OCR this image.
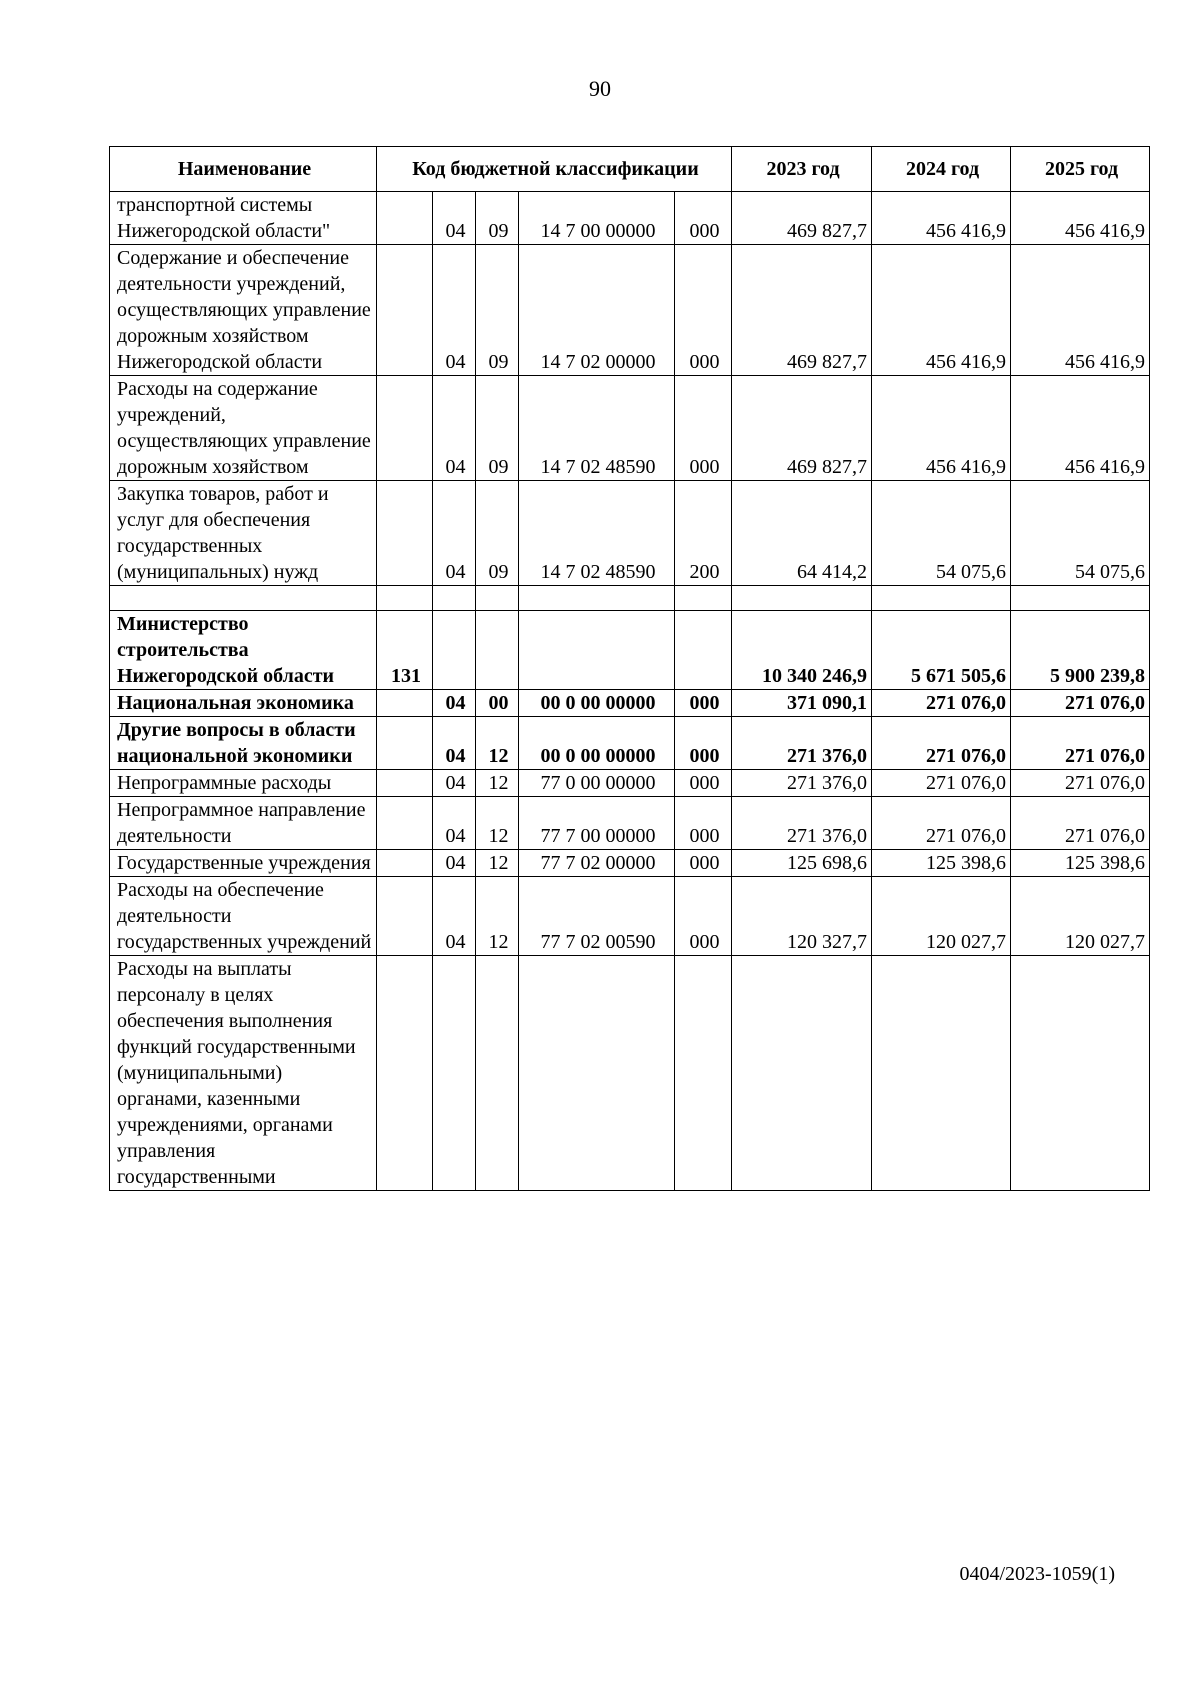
90
Наименование	Код бюджетной классификации					2023 год	2024 год	2025 год
транспортной системы Нижегородской области"		04	09	14 7 00 00000	000	469 827,7	456 416,9	456 416,9
Содержание и обеспечение деятельности учреждений, осуществляющих управление дорожным хозяйством Нижегородской области		04	09	14 7 02 00000	000	469 827,7	456 416,9	456 416,9
Расходы на содержание учреждений, осуществляющих управление дорожным хозяйством		04	09	14 7 02 48590	000	469 827,7	456 416,9	456 416,9
Закупка товаров, работ и услуг для обеспечения государственных (муниципальных) нужд		04	09	14 7 02 48590	200	64 414,2	54 075,6	54 075,6

Министерство строительства Нижегородской области	131					10 340 246,9	5 671 505,6	5 900 239,8
Национальная экономика		04	00	00 0 00 00000	000	371 090,1	271 076,0	271 076,0
Другие вопросы в области национальной экономики		04	12	00 0 00 00000	000	271 376,0	271 076,0	271 076,0
Непрограммные расходы		04	12	77 0 00 00000	000	271 376,0	271 076,0	271 076,0
Непрограммное направление деятельности		04	12	77 7 00 00000	000	271 376,0	271 076,0	271 076,0
Государственные учреждения		04	12	77 7 02 00000	000	125 698,6	125 398,6	125 398,6
Расходы на обеспечение деятельности государственных учреждений		04	12	77 7 02 00590	000	120 327,7	120 027,7	120 027,7
Расходы на выплаты персоналу в целях обеспечения выполнения функций государственными (муниципальными) органами, казенными учреждениями, органами управления государственными								
0404/2023-1059(1)
